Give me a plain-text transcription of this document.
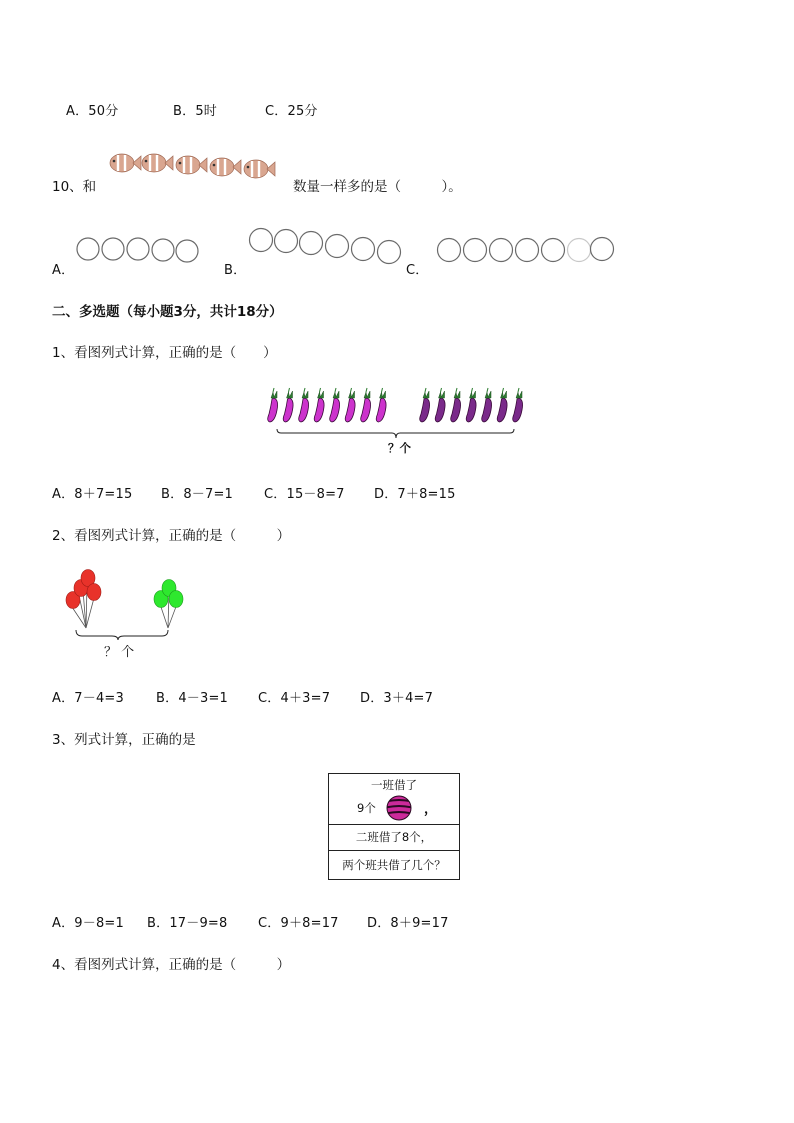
A．50分	B．5时	C．25分
10、和	数量一样多的是（　　　）。
A．	B．	C．
二、多选题（每小题3分，共计18分）
1、看图列式计算，正确的是（　　）
？个
A．8＋7=15 B．8－7=1 C．15－8=7 D．7＋8=15
2、看图列式计算，正确的是（　　　）
？ 个
A．7－4=3 B．4－3=1 C．4＋3=7 D．3＋4=7
3、列式计算，正确的是
一班借了
9个	，
二班借了8个，
两个班共借了几个？
A．9－8=1 B．17－9=8 C．9＋8=17 D．8＋9=17
4、看图列式计算，正确的是（　　　）
